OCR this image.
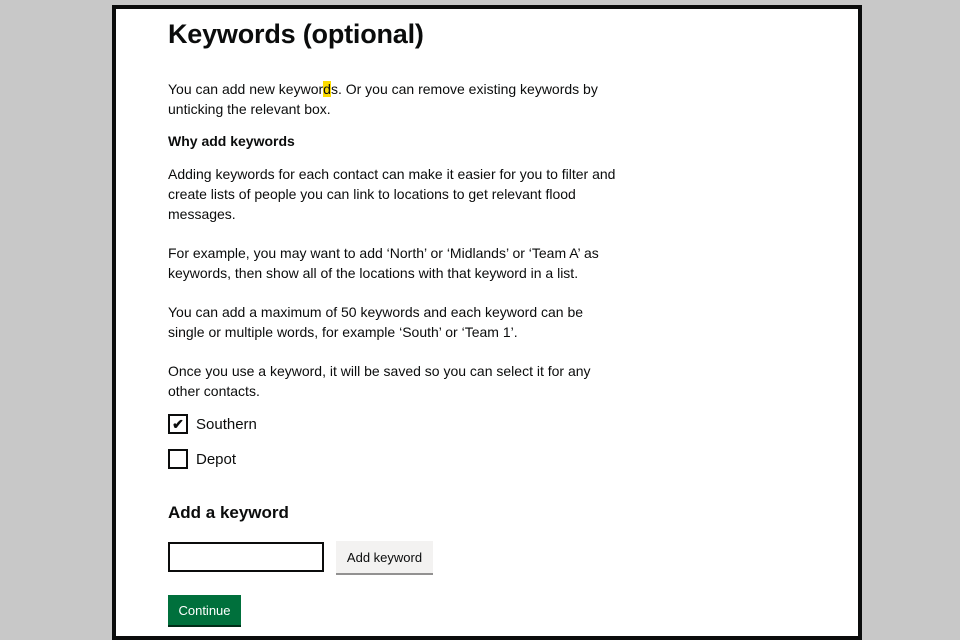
Keywords (optional)

You can add new keywords. Or you can remove existing keywords by unticking the relevant box.

Why add keywords

Adding keywords for each contact can make it easier for you to filter and create lists of people you can link to locations to get relevant flood messages.

For example, you may want to add ‘North’ or ‘Midlands’ or ‘Team A’ as keywords, then show all of the locations with that keyword in a list.

You can add a maximum of 50 keywords and each keyword can be single or multiple words, for example ‘South’ or ‘Team 1’.

Once you use a keyword, it will be saved so you can select it for any other contacts.

✔ Southern
Depot
Add a keyword
Add keyword
Continue
